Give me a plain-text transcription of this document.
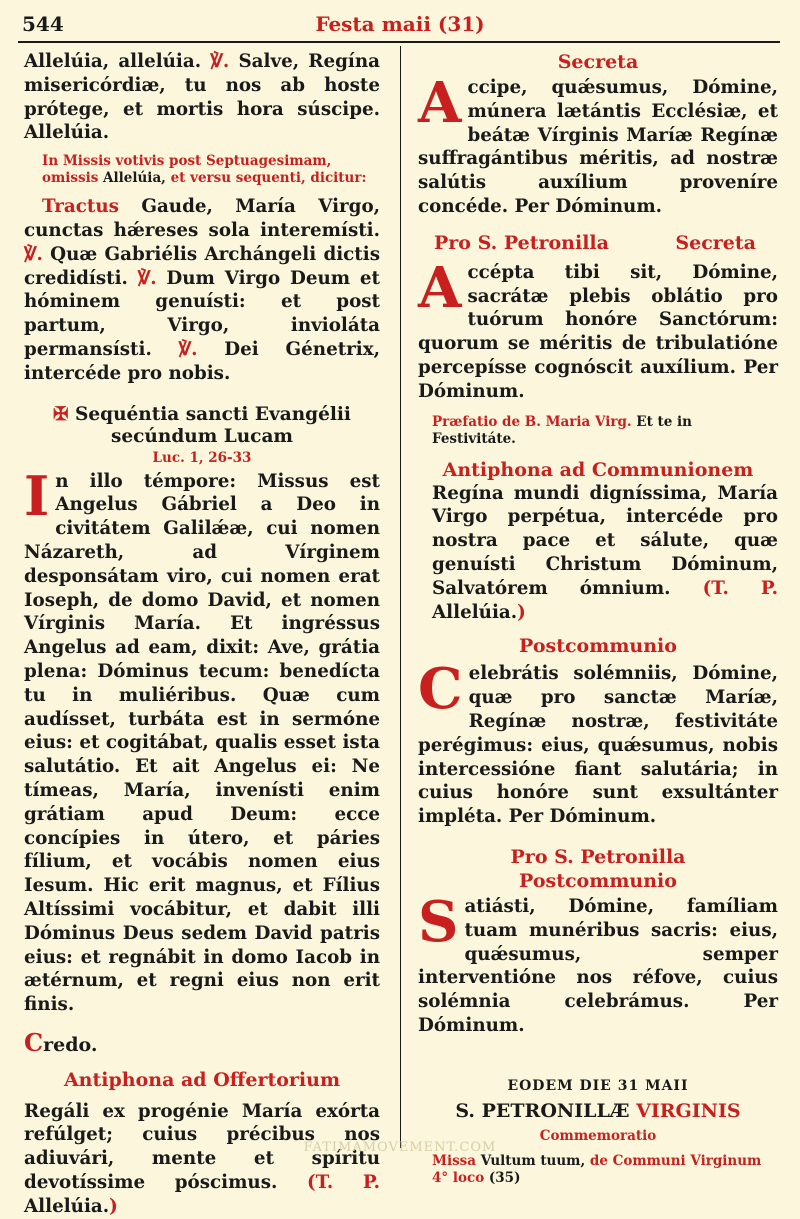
544	Festa maii (31)

Allelúia, allelúia. ℣. Salve, Regína misericórdiæ, tu nos ab hoste prótege, et mortis hora súscipe. Allelúia.

In Missis votivis post Septuagesimam, omissis Allelúia, et versu sequenti, dicitur:

Tractus Gaude, María Virgo, cunctas hǽreses sola interemísti. ℣. Quæ Gabriélis Archángeli dictis credidísti. ℣. Dum Virgo Deum et hóminem genuísti: et post partum, Virgo, invioláta permansísti. ℣. Dei Génetrix, intercéde pro nobis.

✠ Sequéntia sancti Evangélii

secúndum Lucam

Luc. 1, 26-33

In illo témpore: Missus est Angelus Gábriel a Deo in civitátem Galilǽæ, cui nomen Názareth, ad Vírginem desponsátam viro, cui nomen erat Ioseph, de domo David, et nomen Vírginis María. Et ingréssus Angelus ad eam, dixit: Ave, grátia plena: Dóminus tecum: benedícta tu in muliéribus. Quæ cum audísset, turbáta est in sermóne eius: et cogitábat, qualis esset ista salutátio. Et ait Angelus ei: Ne tímeas, María, invenísti enim grátiam apud Deum: ecce concípies in útero, et páries fílium, et vocábis nomen eius Iesum. Hic erit magnus, et Fílius Altíssimi vocábitur, et dabit illi Dóminus Deus sedem David patris eius: et regnábit in domo Iacob in ætérnum, et regni eius non erit finis.

Credo.

Antiphona ad Offertorium

Regáli ex progénie María exórta refúlget; cuius précibus nos adiuvári, mente et spíritu devotíssime póscimus. (T. P. Allelúia.)

Secreta

Accipe, quǽsumus, Dómine, múnera lætántis Ecclésiæ, et beátæ Vírginis Maríæ Regínæ suffragántibus méritis, ad nostræ salútis auxílium proveníre concéde. Per Dóminum.

Pro S. Petronilla	Secreta

Accépta tibi sit, Dómine, sacrátæ plebis oblátio pro tuórum honóre Sanctórum: quorum se méritis de tribulatióne percepísse cognóscit auxílium. Per Dóminum.

Præfatio de B. Maria Virg. Et te in Festivitáte.

Antiphona ad Communionem

Regína mundi digníssima, María Virgo perpétua, intercéde pro nostra pace et sálute, quæ genuísti Christum Dóminum, Salvatórem ómnium. (T. P. Allelúia.)

Postcommunio

Celebrátis solémniis, Dómine, quæ pro sanctæ Maríæ, Regínæ nostræ, festivitáte perégimus: eius, quǽsumus, nobis intercessióne fiant salutária; in cuius honóre sunt exsultánter impléta. Per Dóminum.

Pro S. Petronilla

Postcommunio

Satiásti, Dómine, famíliam tuam munéribus sacris: eius, quǽsumus, semper interventióne nos réfove, cuius solémnia celebrámus. Per Dóminum.

EODEM DIE 31 MAII

S. PETRONILLÆ VIRGINIS

Commemoratio

Missa Vultum tuum, de Communi Virginum 4° loco (35)

FATIMAMOVEMENT.COM
